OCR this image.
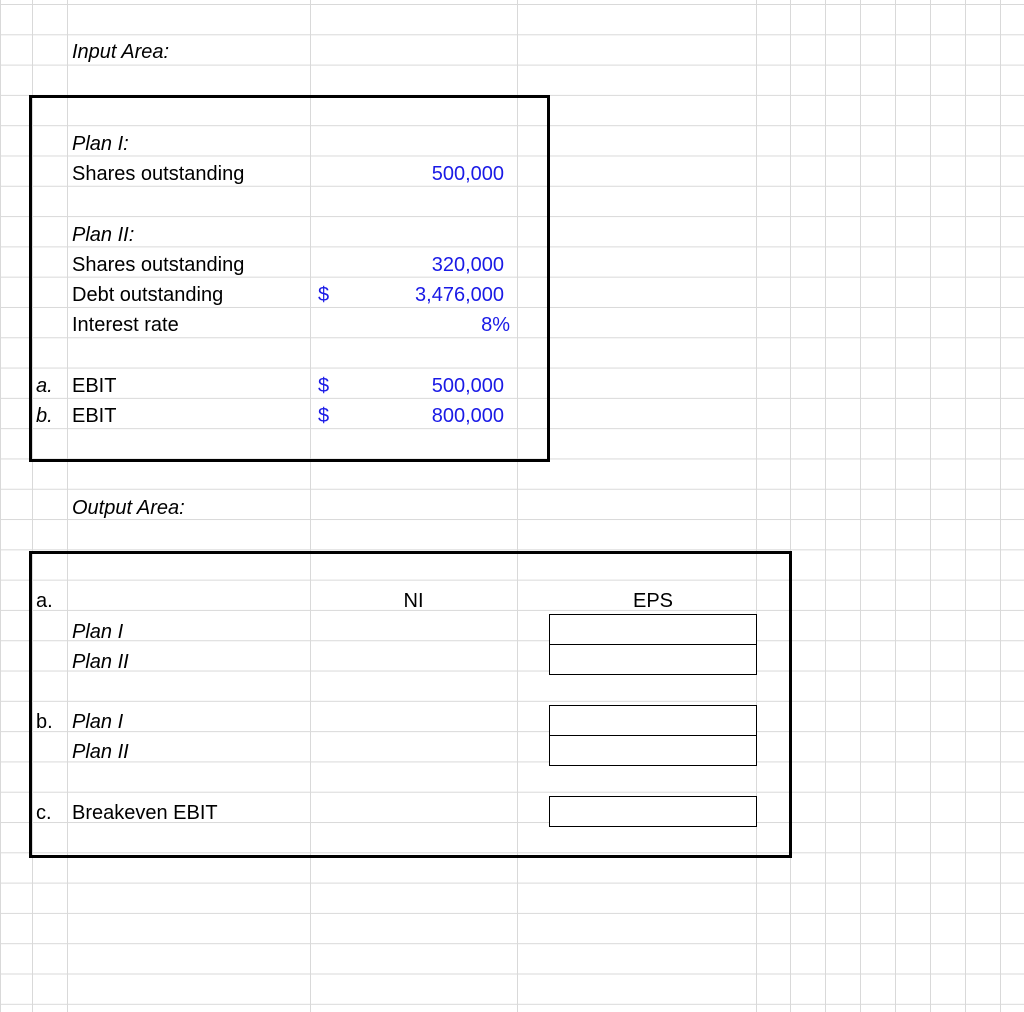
Input Area:
Plan I:
Shares outstanding	500,000
Plan II:
Shares outstanding	320,000
Debt outstanding	$	3,476,000
Interest rate	8%
a. EBIT	$	500,000
b. EBIT	$	800,000
Output Area:
a.	NI	EPS
Plan I
Plan II
b. Plan I
Plan II
c. Breakeven EBIT
